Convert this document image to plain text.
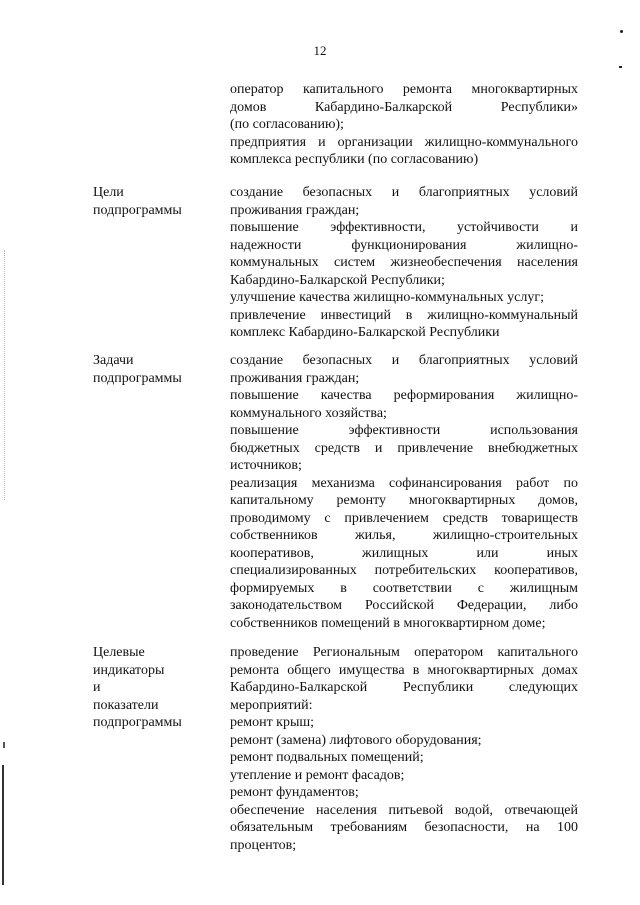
12
оператор капитального ремонта многоквартирных
домов Кабардино-Балкарской Республики»
(по согласованию);
предприятия и организации жилищно-коммунального
комплекса республики (по согласованию)
Цели
подпрограммы
создание безопасных и благоприятных условий
проживания граждан;
повышение эффективности, устойчивости и
надежности функционирования жилищно-
коммунальных систем жизнеобеспечения населения
Кабардино-Балкарской Республики;
улучшение качества жилищно-коммунальных услуг;
привлечение инвестиций в жилищно-коммунальный
комплекс Кабардино-Балкарской Республики
Задачи
подпрограммы
создание безопасных и благоприятных условий
проживания граждан;
повышение качества реформирования жилищно-
коммунального хозяйства;
повышение эффективности использования
бюджетных средств и привлечение внебюджетных
источников;
реализация механизма софинансирования работ по
капитальному ремонту многоквартирных домов,
проводимому с привлечением средств товариществ
собственников жилья, жилищно-строительных
кооперативов, жилищных или иных
специализированных потребительских кооперативов,
формируемых в соответствии с жилищным
законодательством Российской Федерации, либо
собственников помещений в многоквартирном доме;
Целевые
индикаторы
и
показатели
подпрограммы
проведение Региональным оператором капитального
ремонта общего имущества в многоквартирных домах
Кабардино-Балкарской Республики следующих
мероприятий:
ремонт крыш;
ремонт (замена) лифтового оборудования;
ремонт подвальных помещений;
утепление и ремонт фасадов;
ремонт фундаментов;
обеспечение населения питьевой водой, отвечающей
обязательным требованиям безопасности, на 100
процентов;
